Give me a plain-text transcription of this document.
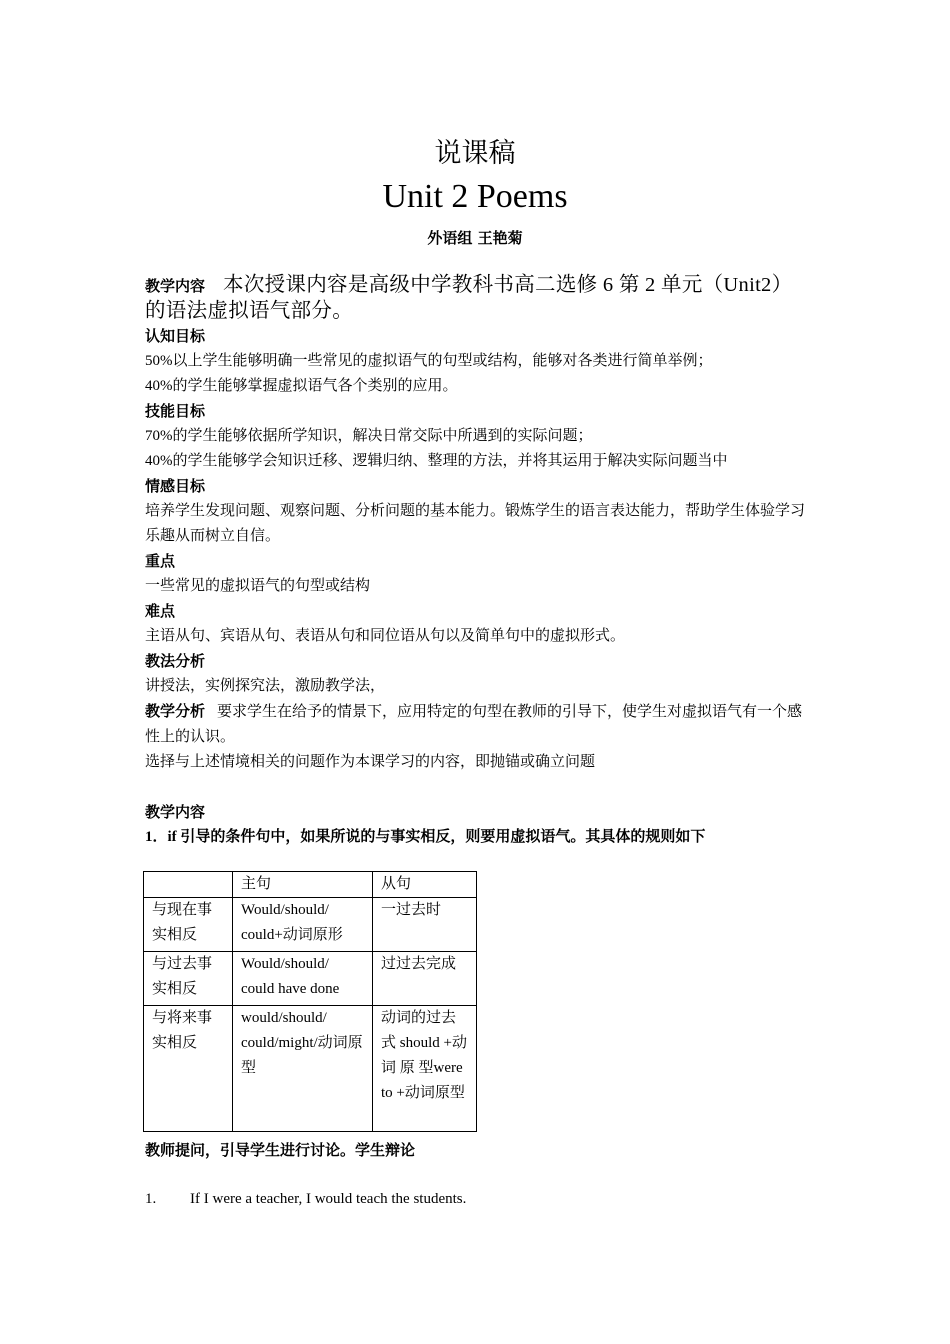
说课稿
Unit 2 Poems
外语组 王艳菊
教学内容 本次授课内容是高级中学教科书高二选修 6 第 2 单元（Unit2）的语法虚拟语气部分。
认知目标
50%以上学生能够明确一些常见的虚拟语气的句型或结构，能够对各类进行简单举例；
40%的学生能够掌握虚拟语气各个类别的应用。
技能目标
70%的学生能够依据所学知识，解决日常交际中所遇到的实际问题；
40%的学生能够学会知识迁移、逻辑归纳、整理的方法，并将其运用于解决实际问题当中
情感目标
培养学生发现问题、观察问题、分析问题的基本能力。锻炼学生的语言表达能力，帮助学生体验学习乐趣从而树立自信。
重点
一些常见的虚拟语气的句型或结构
难点
主语从句、宾语从句、表语从句和同位语从句以及简单句中的虚拟形式。
教法分析
讲授法，实例探究法，激励教学法，
教学分析 要求学生在给予的情景下，应用特定的句型在教师的引导下，使学生对虚拟语气有一个感性上的认识。
选择与上述情境相关的问题作为本课学习的内容，即抛锚或确立问题
教学内容
1．if 引导的条件句中，如果所说的与事实相反，则要用虚拟语气。其具体的规则如下
	主句	从句
与现在事实相反	Would/should/ could+动词原形	一过去时
与过去事实相反	Would/should/ could have done	过过去完成
与将来事实相反	would/should/ could/might/动词原型	动词的过去式 should +动 词 原 型were to +动词原型
教师提问，引导学生进行讨论。学生辩论
1. If I were a teacher, I would teach the students.
